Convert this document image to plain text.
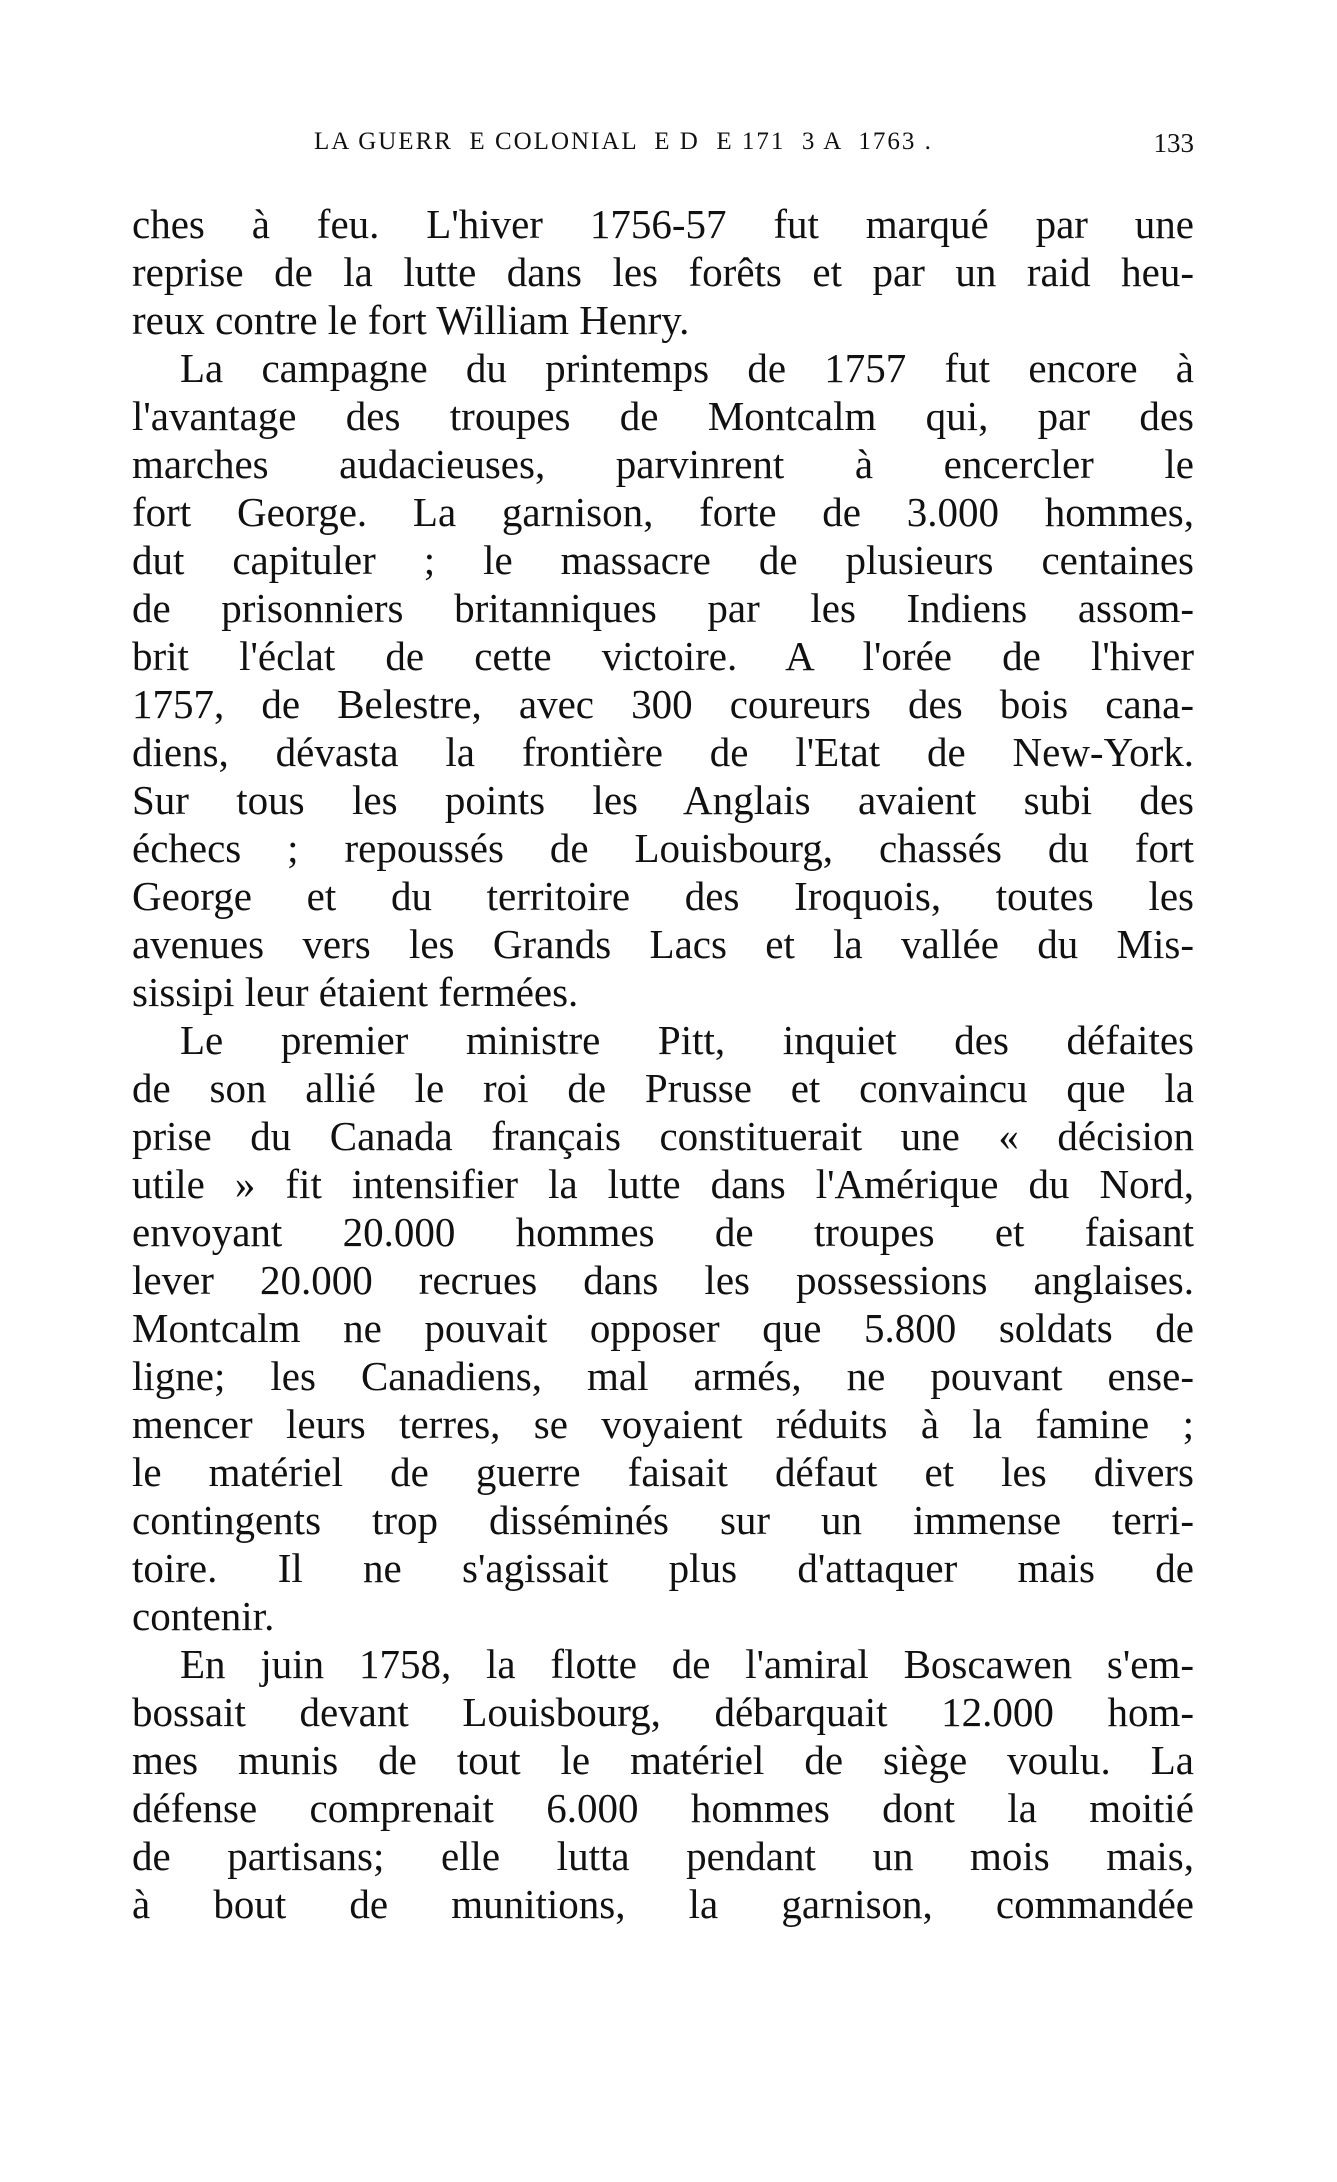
LA GUERR  E COLONIAL  E D  E 171  3 A  1763 .	133
ches à feu. L'hiver 1756-57 fut marqué par une
reprise de la lutte dans les forêts et par un raid heu-
reux contre le fort William Henry.
La campagne du printemps de 1757 fut encore à
l'avantage des troupes de Montcalm qui, par des
marches audacieuses, parvinrent à encercler le
fort George. La garnison, forte de 3.000 hommes,
dut capituler ; le massacre de plusieurs centaines
de prisonniers britanniques par les Indiens assom-
brit l'éclat de cette victoire. A l'orée de l'hiver
1757, de Belestre, avec 300 coureurs des bois cana-
diens, dévasta la frontière de l'Etat de New-York.
Sur tous les points les Anglais avaient subi des
échecs ; repoussés de Louisbourg, chassés du fort
George et du territoire des Iroquois, toutes les
avenues vers les Grands Lacs et la vallée du Mis-
sissipi leur étaient fermées.
Le premier ministre Pitt, inquiet des défaites
de son allié le roi de Prusse et convaincu que la
prise du Canada français constituerait une « décision
utile » fit intensifier la lutte dans l'Amérique du Nord,
envoyant 20.000 hommes de troupes et faisant
lever 20.000 recrues dans les possessions anglaises.
Montcalm ne pouvait opposer que 5.800 soldats de
ligne; les Canadiens, mal armés, ne pouvant ense-
mencer leurs terres, se voyaient réduits à la famine ;
le matériel de guerre faisait défaut et les divers
contingents trop disséminés sur un immense terri-
toire. Il ne s'agissait plus d'attaquer mais de
contenir.
En juin 1758, la flotte de l'amiral Boscawen s'em-
bossait devant Louisbourg, débarquait 12.000 hom-
mes munis de tout le matériel de siège voulu. La
défense comprenait 6.000 hommes dont la moitié
de partisans; elle lutta pendant un mois mais,
à bout de munitions, la garnison, commandée
